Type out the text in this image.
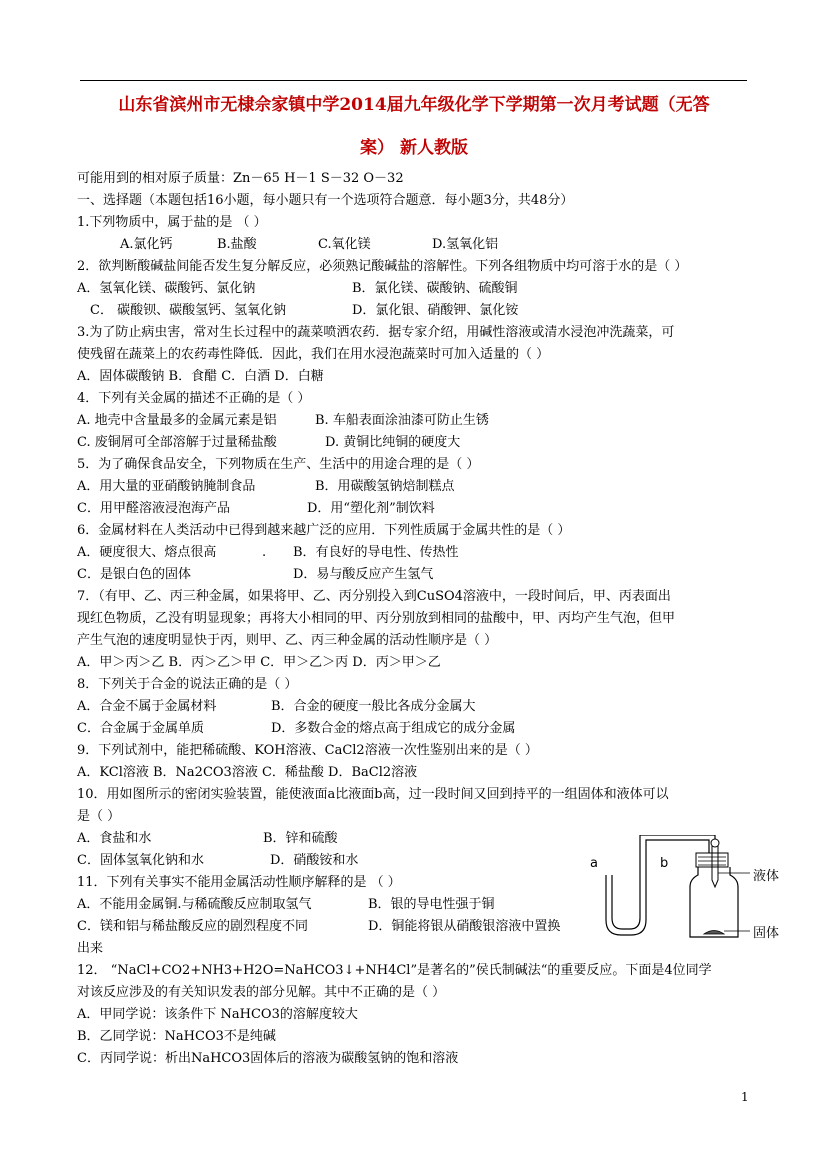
山东省滨州市无棣佘家镇中学2014届九年级化学下学期第一次月考试题（无答
案） 新人教版
可能用到的相对原子质量：Zn－65 H－1 S－32 O－32
一、选择题（本题包括16小题，每小题只有一个选项符合题意．每小题3分，共48分）
1.下列物质中，属于盐的是 （ ）
A.氯化钙	B.盐酸	C.氧化镁	D.氢氧化铝
2．欲判断酸碱盐间能否发生复分解反应，必须熟记酸碱盐的溶解性。下列各组物质中均可溶于水的是（ ）
A．氢氧化镁、碳酸钙、氯化钠	B．氯化镁、碳酸钠、硫酸铜
C． 碳酸钡、碳酸氢钙、氢氧化钠	D．氯化银、硝酸钾、氯化铵
3.为了防止病虫害，常对生长过程中的蔬菜喷洒农药．据专家介绍，用碱性溶液或清水浸泡冲洗蔬菜，可
使残留在蔬菜上的农药毒性降低．因此，我们在用水浸泡蔬菜时可加入适量的（ ）
A．固体碳酸钠 B．食醋 C．白酒 D．白糖
4．下列有关金属的描述不正确的是（ ）
A. 地壳中含量最多的金属元素是铝	B. 车船表面涂油漆可防止生锈
C. 废铜屑可全部溶解于过量稀盐酸	D. 黄铜比纯铜的硬度大
5．为了确保食品安全，下列物质在生产、生活中的用途合理的是（ ）
A．用大量的亚硝酸钠腌制食品	B．用碳酸氢钠焙制糕点
C．用甲醛溶液浸泡海产品	D．用“塑化剂”制饮料
6．金属材料在人类活动中已得到越来越广泛的应用．下列性质属于金属共性的是（ ）
A．硬度很大、熔点很高	. B．有良好的导电性、传热性
C．是银白色的固体	D．易与酸反应产生氢气
7．（有甲、乙、丙三种金属，如果将甲、乙、丙分别投入到CuSO4溶液中，一段时间后，甲、丙表面出
现红色物质，乙没有明显现象；再将大小相同的甲、丙分别放到相同的盐酸中，甲、丙均产生气泡，但甲
产生气泡的速度明显快于丙，则甲、乙、丙三种金属的活动性顺序是（ ）
A．甲＞丙＞乙 B．丙＞乙＞甲 C．甲＞乙＞丙 D．丙＞甲＞乙
8．下列关于合金的说法正确的是（ ）
A．合金不属于金属材料	B．合金的硬度一般比各成分金属大
C．合金属于金属单质	D．多数合金的熔点高于组成它的成分金属
9．下列试剂中，能把稀硫酸、KOH溶液、CaCl2溶液一次性鉴别出来的是（ ）
A．KCl溶液 B．Na2CO3溶液 C．稀盐酸 D．BaCl2溶液
10．用如图所示的密闭实验装置，能使液面a比液面b高，过一段时间又回到持平的一组固体和液体可以
是（ ）
A．食盐和水	B．锌和硫酸
C．固体氢氧化钠和水	D．硝酸铵和水
11．下列有关事实不能用金属活动性顺序解释的是 （ ）
A．不能用金属铜.与稀硫酸反应制取氢气	B．银的导电性强于铜
C．镁和铝与稀盐酸反应的剧烈程度不同	D．铜能将银从硝酸银溶液中置换
出来
12． “NaCl+CO2+NH3+H2O=NaHCO3↓+NH4Cl”是著名的”侯氏制碱法“的重要反应。下面是4位同学
对该反应涉及的有关知识发表的部分见解。其中不正确的是（ ）
A．甲同学说：该条件下 NaHCO3的溶解度较大
B．乙同学说：NaHCO3不是纯碱
C．丙同学说：析出NaHCO3固体后的溶液为碳酸氢钠的饱和溶液
a	b
液体
固体
1
